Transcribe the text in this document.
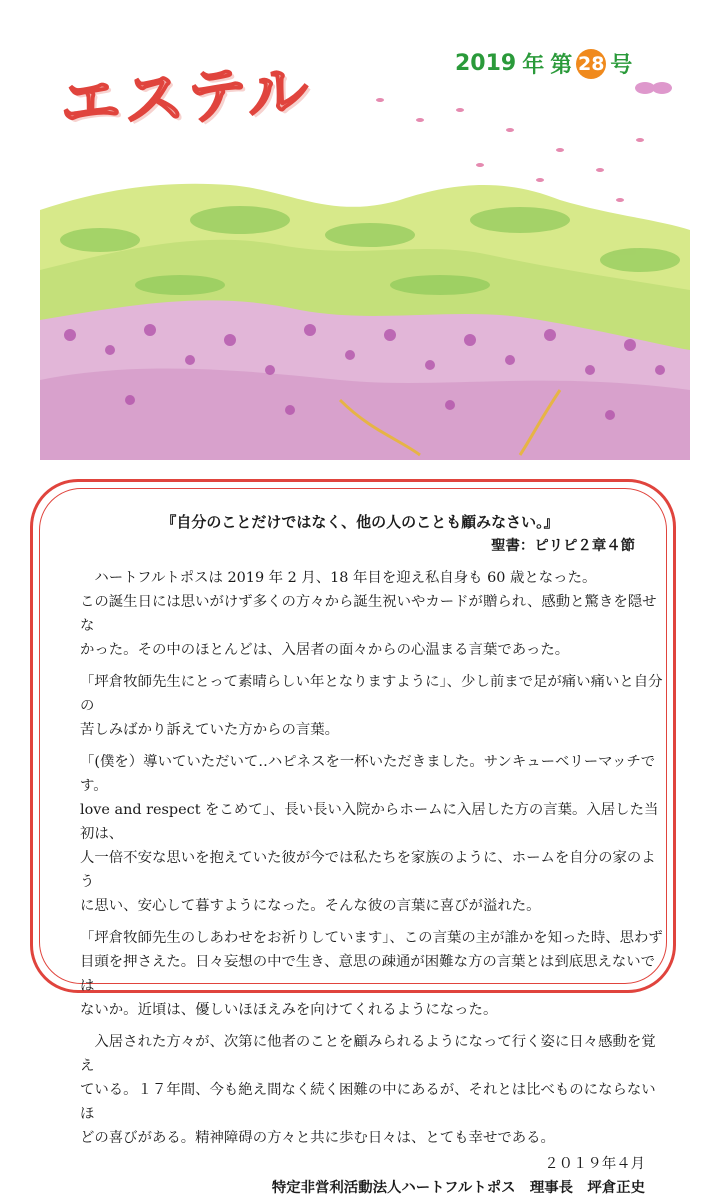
エステル	2019 年 第 28 号
『自分のことだけではなく、他の人のことも顧みなさい。』
聖書：ピリピ２章４節
ハートフルトポスは 2019 年 2 月、18 年目を迎え私自身も 60 歳となった。
この誕生日には思いがけず多くの方々から誕生祝いやカードが贈られ、感動と驚きを隠せな
かった。その中のほとんどは、入居者の面々からの心温まる言葉であった。
「坪倉牧師先生にとって素晴らしい年となりますように」、少し前まで足が痛い痛いと自分の
苦しみばかり訴えていた方からの言葉。
「(僕を）導いていただいて‥ハピネスを一杯いただきました。サンキューベリーマッチです。
love and respect をこめて」、長い長い入院からホームに入居した方の言葉。入居した当初は、
人一倍不安な思いを抱えていた彼が今では私たちを家族のように、ホームを自分の家のよう
に思い、安心して暮すようになった。そんな彼の言葉に喜びが溢れた。
「坪倉牧師先生のしあわせをお祈りしています」、この言葉の主が誰かを知った時、思わず
目頭を押さえた。日々妄想の中で生き、意思の疎通が困難な方の言葉とは到底思えないでは
ないか。近頃は、優しいほほえみを向けてくれるようになった。
入居された方々が、次第に他者のことを顧みられるようになって行く姿に日々感動を覚え
ている。１７年間、今も絶え間なく続く困難の中にあるが、それとは比べものにならないほ
どの喜びがある。精神障碍の方々と共に歩む日々は、とても幸せである。
２０１９年４月
特定非営利活動法人ハートフルトポス　理事長　坪倉正史
